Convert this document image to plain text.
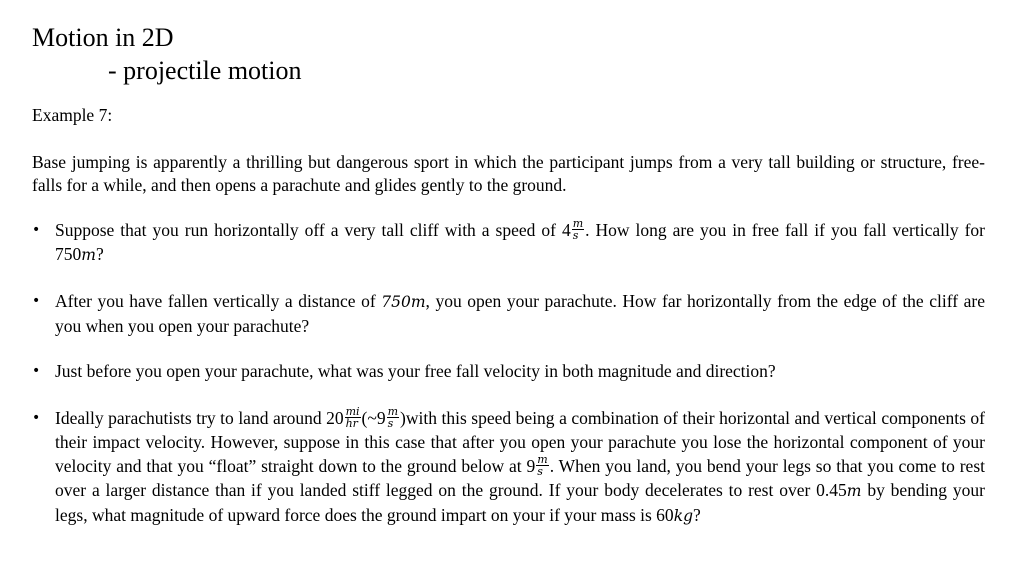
Motion in 2D
- projectile motion
Example 7:
Base jumping is apparently a thrilling but dangerous sport in which the participant jumps from a very tall building or structure, free-falls for a while, and then opens a parachute and glides gently to the ground.
• Suppose that you run horizontally off a very tall cliff with a speed of $4 \frac{m}{s}$ . How long are you in free fall if you fall vertically for 750m?
• After you have fallen vertically a distance of 750m, you open your parachute. How far horizontally from the edge of the cliff are you when you open your parachute?
• Just before you open your parachute, what was your free fall velocity in both magnitude and direction?
• Ideally parachutists try to land around $20 \frac{mi}{hr}$ (~9 $\frac{m}{s}$ )with this speed being a combination of their horizontal and vertical components of their impact velocity. However, suppose in this case that after you open your parachute you lose the horizontal component of your velocity and that you “float” straight down to the ground below at $9 \frac{m}{s}$ . When you land, you bend your legs so that you come to rest over a larger distance than if you landed stiff legged on the ground. If your body decelerates to rest over 0.45m by bending your legs, what magnitude of upward force does the ground impart on your if your mass is 60kg?
